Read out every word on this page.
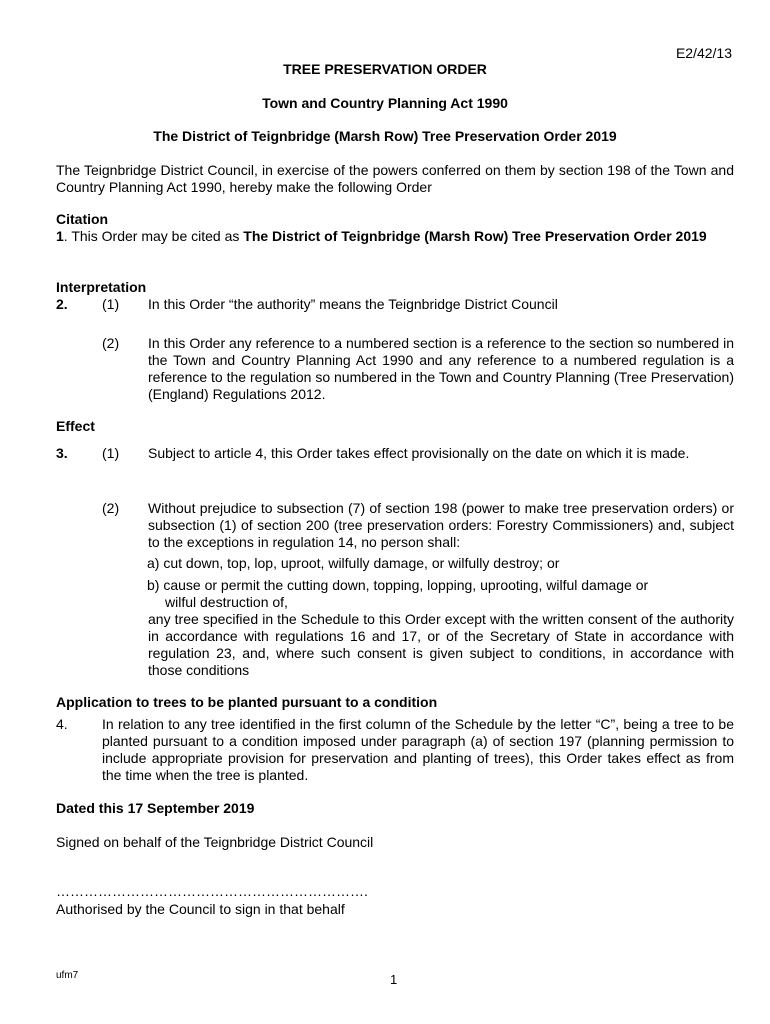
E2/42/13
TREE PRESERVATION ORDER
Town and Country Planning Act 1990
The District of Teignbridge (Marsh Row) Tree Preservation Order 2019

The Teignbridge District Council, in exercise of the powers conferred on them by section 198 of the Town and Country Planning Act 1990, hereby make the following Order

Citation

1. This Order may be cited as The District of Teignbridge (Marsh Row) Tree Preservation Order 2019

Interpretation
2. (1) In this Order “the authority” means the Teignbridge District Council

(2) In this Order any reference to a numbered section is a reference to the section so numbered in the Town and Country Planning Act 1990 and any reference to a numbered regulation is a reference to the regulation so numbered in the Town and Country Planning (Tree Preservation)(England) Regulations 2012.

Effect
3. (1) Subject to article 4, this Order takes effect provisionally on the date on which it is made.

(2) Without prejudice to subsection (7) of section 198 (power to make tree preservation orders) or subsection (1) of section 200 (tree preservation orders: Forestry Commissioners) and, subject to the exceptions in regulation 14, no person shall:

a) cut down, top, lop, uproot, wilfully damage, or wilfully destroy; or
b) cause or permit the cutting down, topping, lopping, uprooting, wilful damage or
wilful destruction of,

any tree specified in the Schedule to this Order except with the written consent of the authority in accordance with regulations 16 and 17, or of the Secretary of State in accordance with regulation 23, and, where such consent is given subject to conditions, in accordance with those conditions

Application to trees to be planted pursuant to a condition
4. In relation to any tree identified in the first column of the Schedule by the letter “C”, being a tree to be planted pursuant to a condition imposed under paragraph (a) of section 197 (planning permission to include appropriate provision for preservation and planting of trees), this Order takes effect as from the time when the tree is planted.

Dated this 17 September 2019
Signed on behalf of the Teignbridge District Council
………………………………………………………….
Authorised by the Council to sign in that behalf
ufm7	1
